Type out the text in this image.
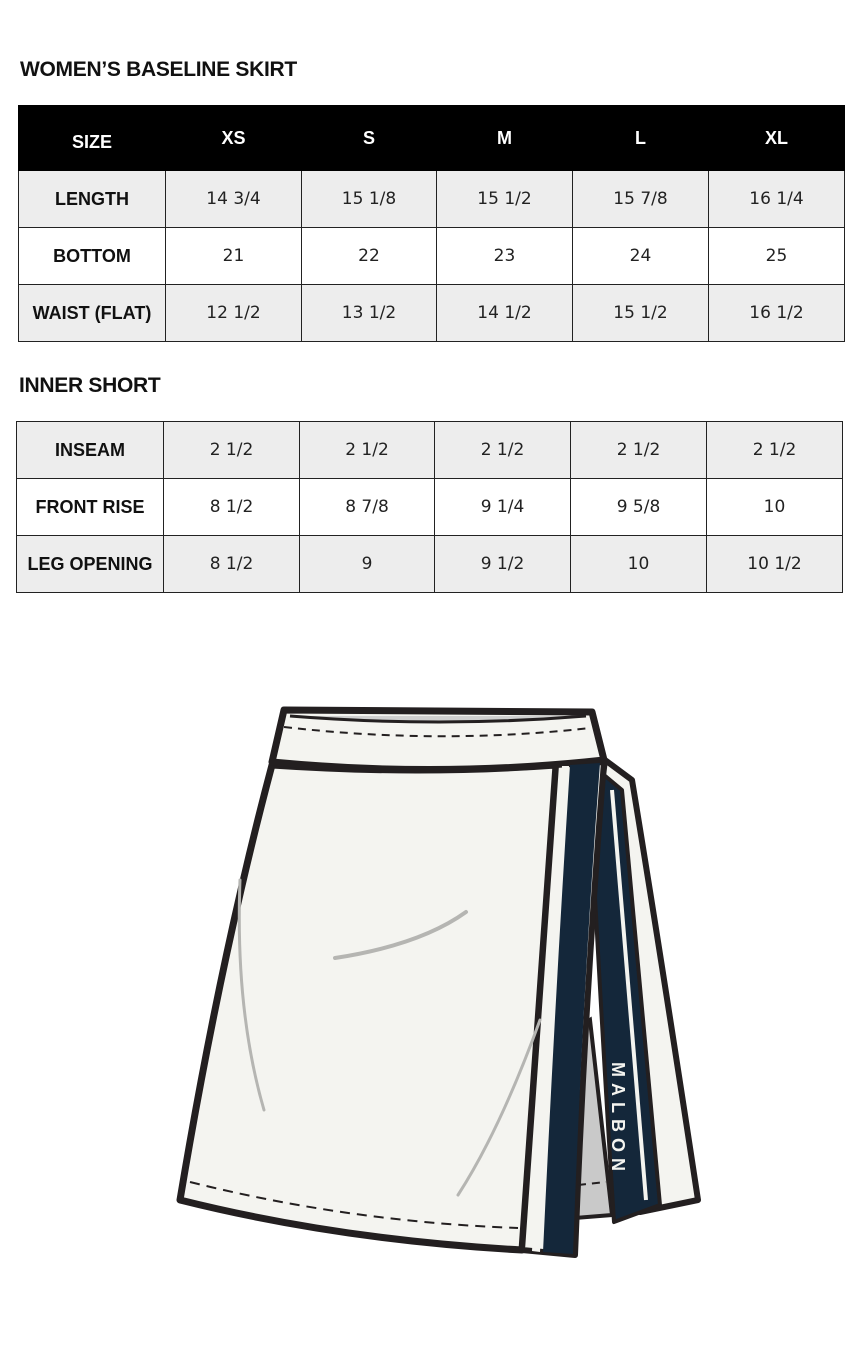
WOMEN’S BASELINE SKIRT
SIZE	XS	S	M	L	XL
LENGTH	14 3/4	15 1/8	15 1/2	15 7/8	16 1/4
BOTTOM	21	22	23	24	25
WAIST (FLAT)	12 1/2	13 1/2	14 1/2	15 1/2	16 1/2
INNER SHORT
INSEAM	2 1/2	2 1/2	2 1/2	2 1/2	2 1/2
FRONT RISE	8 1/2	8 7/8	9 1/4	9 5/8	10
LEG OPENING	8 1/2	9	9 1/2	10	10 1/2
MALBON
